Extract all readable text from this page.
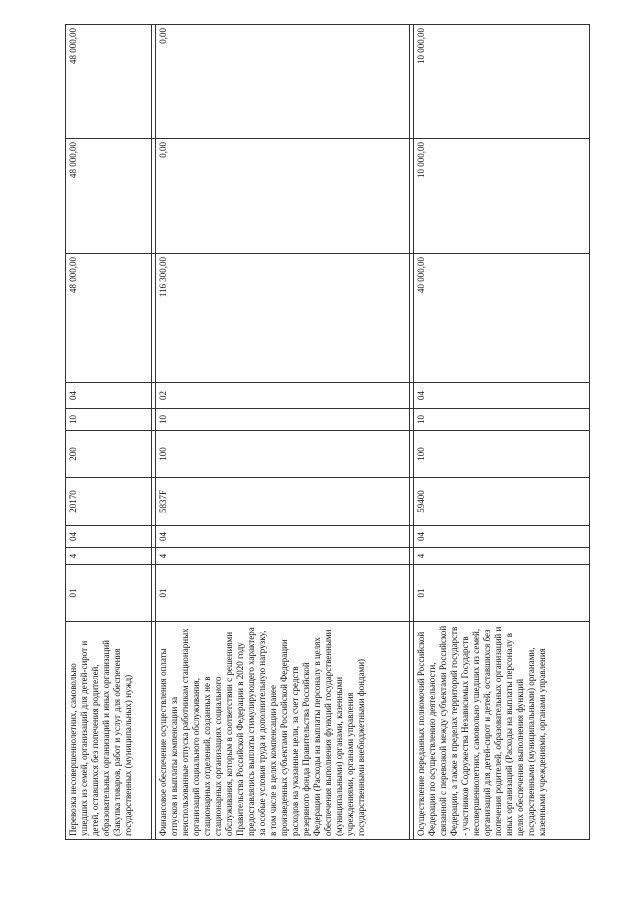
Перевозка несовершеннолетних, самовольно ушедших из семей, организаций для детей-сирот и детей, оставшихся без попечения родителей, образовательных организаций и иных организаций (Закупка товаров, работ и услуг для обеспечения государственных (муниципальных) нужд)	01	4	04	20170	200	10	04	48 000,00	48 000,00	48 000,00

Финансовое обеспечение осуществления оплаты отпусков и выплаты компенсации за неиспользованные отпуска работникам стационарных организаций социального обслуживания, стационарных отделений, созданных не в стационарных организациях социального обслуживания, которым в соответствии с решениями Правительства Российской Федерации в 2020 году предоставлялись выплаты стимулирующего характера за особые условия труда и дополнительную нагрузку, в том числе в целях компенсации ранее произведенных субъектами Российской Федерации расходов на указанные цели, за счет средств резервного фонда Правительства Российской Федерации (Расходы на выплаты персоналу в целях обеспечения выполнения функций государственными (муниципальными) органами, казенными учреждениями, органами управления государственными внебюджетными фондами)	01	4	04	5837F	100	10	02	116 300,00	0,00	0,00

Осуществление переданных полномочий Российской Федерации по осуществлению деятельности, связанной с перевозкой между субъектами Российской Федерации, а также в пределах территорий государств - участников Содружества Независимых Государств несовершеннолетних, самовольно ушедших из семей, организаций для детей-сирот и детей, оставшихся без попечения родителей, образовательных организаций и иных организаций (Расходы на выплаты персоналу в целях обеспечения выполнения функций государственными (муниципальными) органами, казенными учреждениями, органами управления	01	4	04	59400	100	10	04	40 000,00	10 000,00	10 000,00
